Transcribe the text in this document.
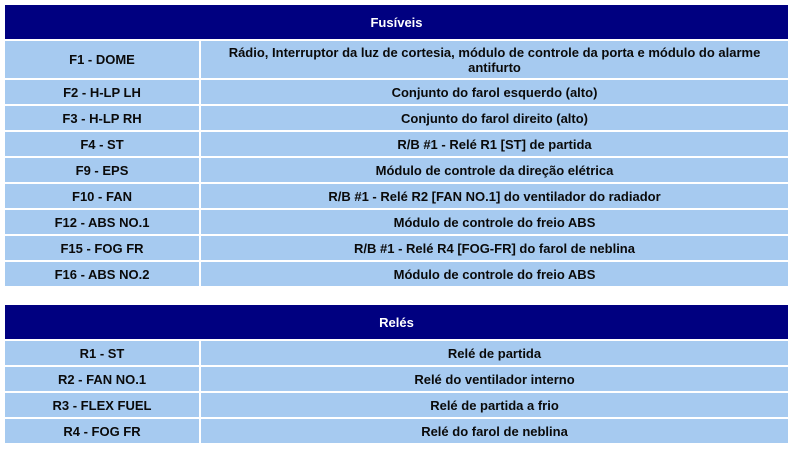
Fusíveis	
F1 - DOME	Rádio, Interruptor da luz de cortesia, módulo de controle da porta e módulo do alarme antifurto
F2 - H-LP LH	Conjunto do farol esquerdo (alto)
F3 - H-LP RH	Conjunto do farol direito (alto)
F4 - ST	R/B #1 - Relé R1 [ST] de partida
F9 - EPS	Módulo de controle da direção elétrica
F10 - FAN	R/B #1 - Relé R2 [FAN NO.1] do ventilador do radiador
F12 - ABS NO.1	Módulo de controle do freio ABS
F15 - FOG FR	R/B #1 - Relé R4 [FOG-FR] do farol de neblina
F16 - ABS NO.2	Módulo de controle do freio ABS
Relés	
R1 - ST	Relé de partida
R2 - FAN NO.1	Relé do ventilador interno
R3 - FLEX FUEL	Relé de partida a frio
R4 - FOG FR	Relé do farol de neblina
